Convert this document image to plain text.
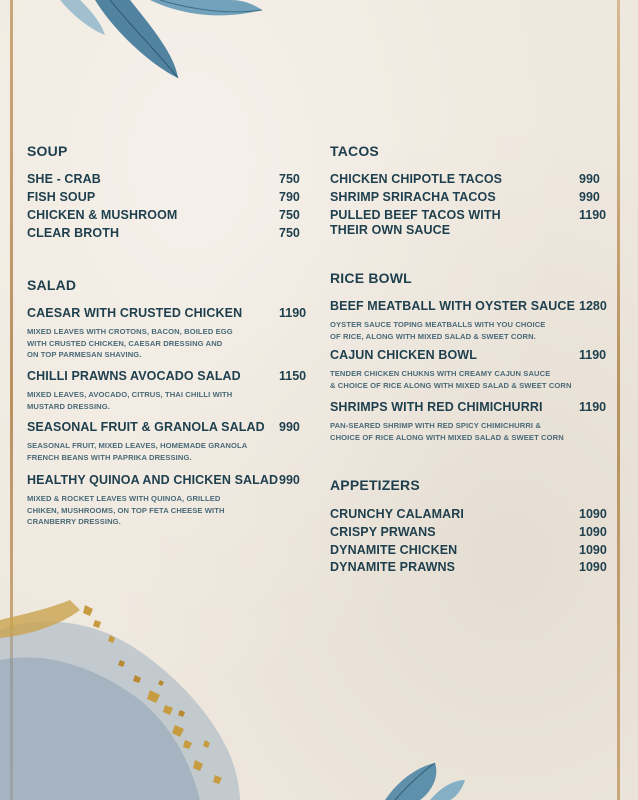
SOUP
SHE - CRAB	750
FISH SOUP	790
CHICKEN & MUSHROOM	750
CLEAR BROTH	750
SALAD
CAESAR WITH CRUSTED CHICKEN	1190
MIXED LEAVES WITH CROTONS, BACON, BOILED EGG
WITH CRUSTED CHICKEN, CAESAR DRESSING AND
ON TOP PARMESAN SHAVING.
CHILLI PRAWNS AVOCADO SALAD	1150
MIXED LEAVES, AVOCADO, CITRUS, THAI CHILLI WITH
MUSTARD DRESSING.
SEASONAL FRUIT & GRANOLA SALAD	990
SEASONAL FRUIT, MIXED LEAVES, HOMEMADE GRANOLA
FRENCH BEANS WITH PAPRIKA DRESSING.
HEALTHY QUINOA AND CHICKEN SALAD 990
MIXED & ROCKET LEAVES WITH QUINOA, GRILLED
CHIKEN, MUSHROOMS, ON TOP FETA CHEESE WITH
CRANBERRY DRESSING.
TACOS
CHICKEN CHIPOTLE TACOS	990
SHRIMP SRIRACHA TACOS	990
PULLED BEEF TACOS WITH
THEIR OWN SAUCE
1190
RICE BOWL
BEEF MEATBALL WITH OYSTER SAUCE 1280
OYSTER SAUCE TOPING MEATBALLS WITH YOU CHOICE
OF RICE, ALONG WITH MIXED SALAD & SWEET CORN.
CAJUN CHICKEN BOWL	1190
TENDER CHICKEN CHUKNS WITH CREAMY CAJUN SAUCE
& CHOICE OF RICE ALONG WITH MIXED SALAD & SWEET CORN
SHRIMPS WITH RED CHIMICHURRI	1190
PAN-SEARED SHRIMP WITH RED SPICY CHIMICHURRI &
CHOICE OF RICE ALONG WITH MIXED SALAD & SWEET CORN
APPETIZERS
CRUNCHY CALAMARI	1090
CRISPY PRWANS	1090
DYNAMITE CHICKEN	1090
DYNAMITE PRAWNS	1090
